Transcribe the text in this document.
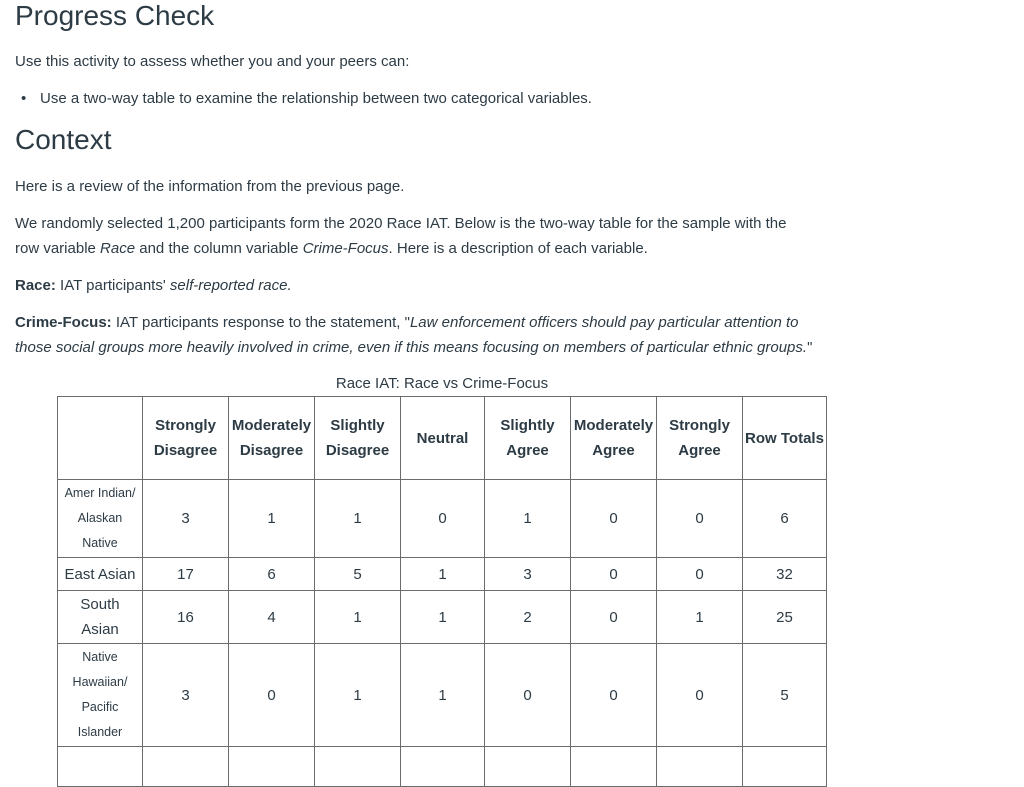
Progress Check

Use this activity to assess whether you and your peers can:

• Use a two-way table to examine the relationship between two categorical variables.
Context

Here is a review of the information from the previous page.

We randomly selected 1,200 participants form the 2020 Race IAT. Below is the two-way table for the sample with the

row variable Race and the column variable Crime-Focus. Here is a description of each variable.

Race: IAT participants' self-reported race.

Crime-Focus: IAT participants response to the statement, "Law enforcement officers should pay particular attention to

those social groups more heavily involved in crime, even if this means focusing on members of particular ethnic groups."

Race IAT: Race vs Crime-Focus
	Strongly
Disagree	Moderately
Disagree	Slightly
Disagree	Neutral	Slightly
Agree	Moderately
Agree	Strongly
Agree	Row Totals
Amer Indian/
Alaskan
Native	3	1	1	0	1	0	0	6
East Asian	17	6	5	1	3	0	0	32
South
Asian	16	4	1	1	2	0	1	25
Native
Hawaiian/
Pacific
Islander	3	0	1	1	0	0	0	5
